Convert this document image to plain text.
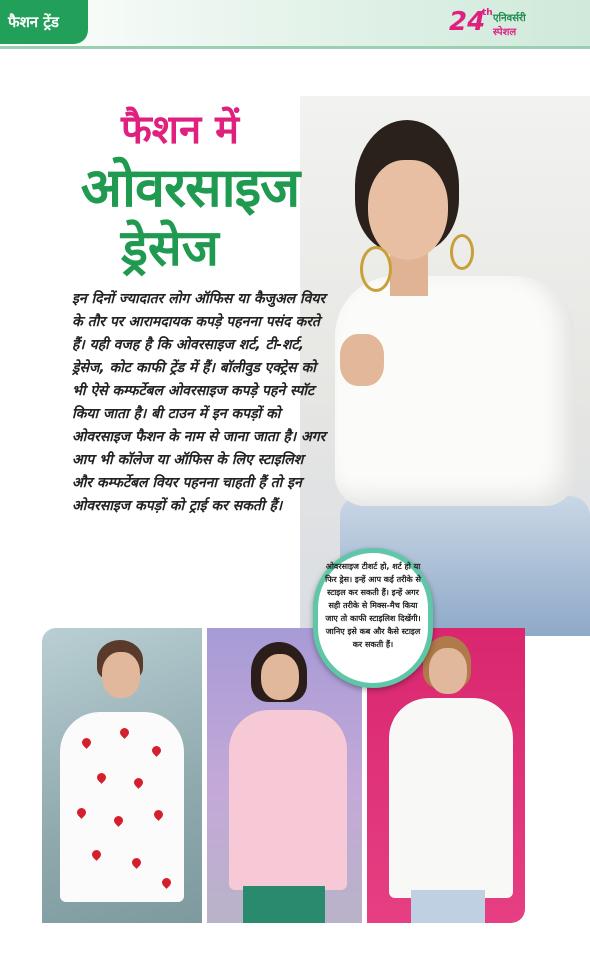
फैशन ट्रेंड	24
th एनिवर्सरी
स्पेशल
फैशन में
ओवरसाइज
ड्रेसेज

इन दिनों ज्यादातर लोग ऑफिस या कैजुअल वियर के तौर पर आरामदायक कपड़े पहनना पसंद करते हैं। यही वजह है कि ओवरसाइज शर्ट, टी-शर्ट, ड्रेसेज, कोट काफी ट्रेंड में हैं। बॉलीवुड एक्ट्रेस को भी ऐसे कम्फर्टेबल ओवरसाइज कपड़े पहने स्पॉट किया जाता है। बी टाउन में इन कपड़ों को ओवरसाइज फैशन के नाम से जाना जाता है। अगर आप भी कॉलेज या ऑफिस के लिए स्टाइलिश और कम्फर्टेबल वियर पहनना चाहती हैं तो इन ओवरसाइज कपड़ों को ट्राई कर सकती हैं।

ओवरसाइज टीशर्ट हो, शर्ट हो या फिर ड्रेस। इन्हें आप कई तरीके से स्टाइल कर सकती हैं। इन्हें अगर सही तरीके से मिक्स-मैच किया जाए तो काफी स्टाइलिश दिखेंगी। जानिए इसे कब और कैसे स्टाइल कर सकती हैं।
